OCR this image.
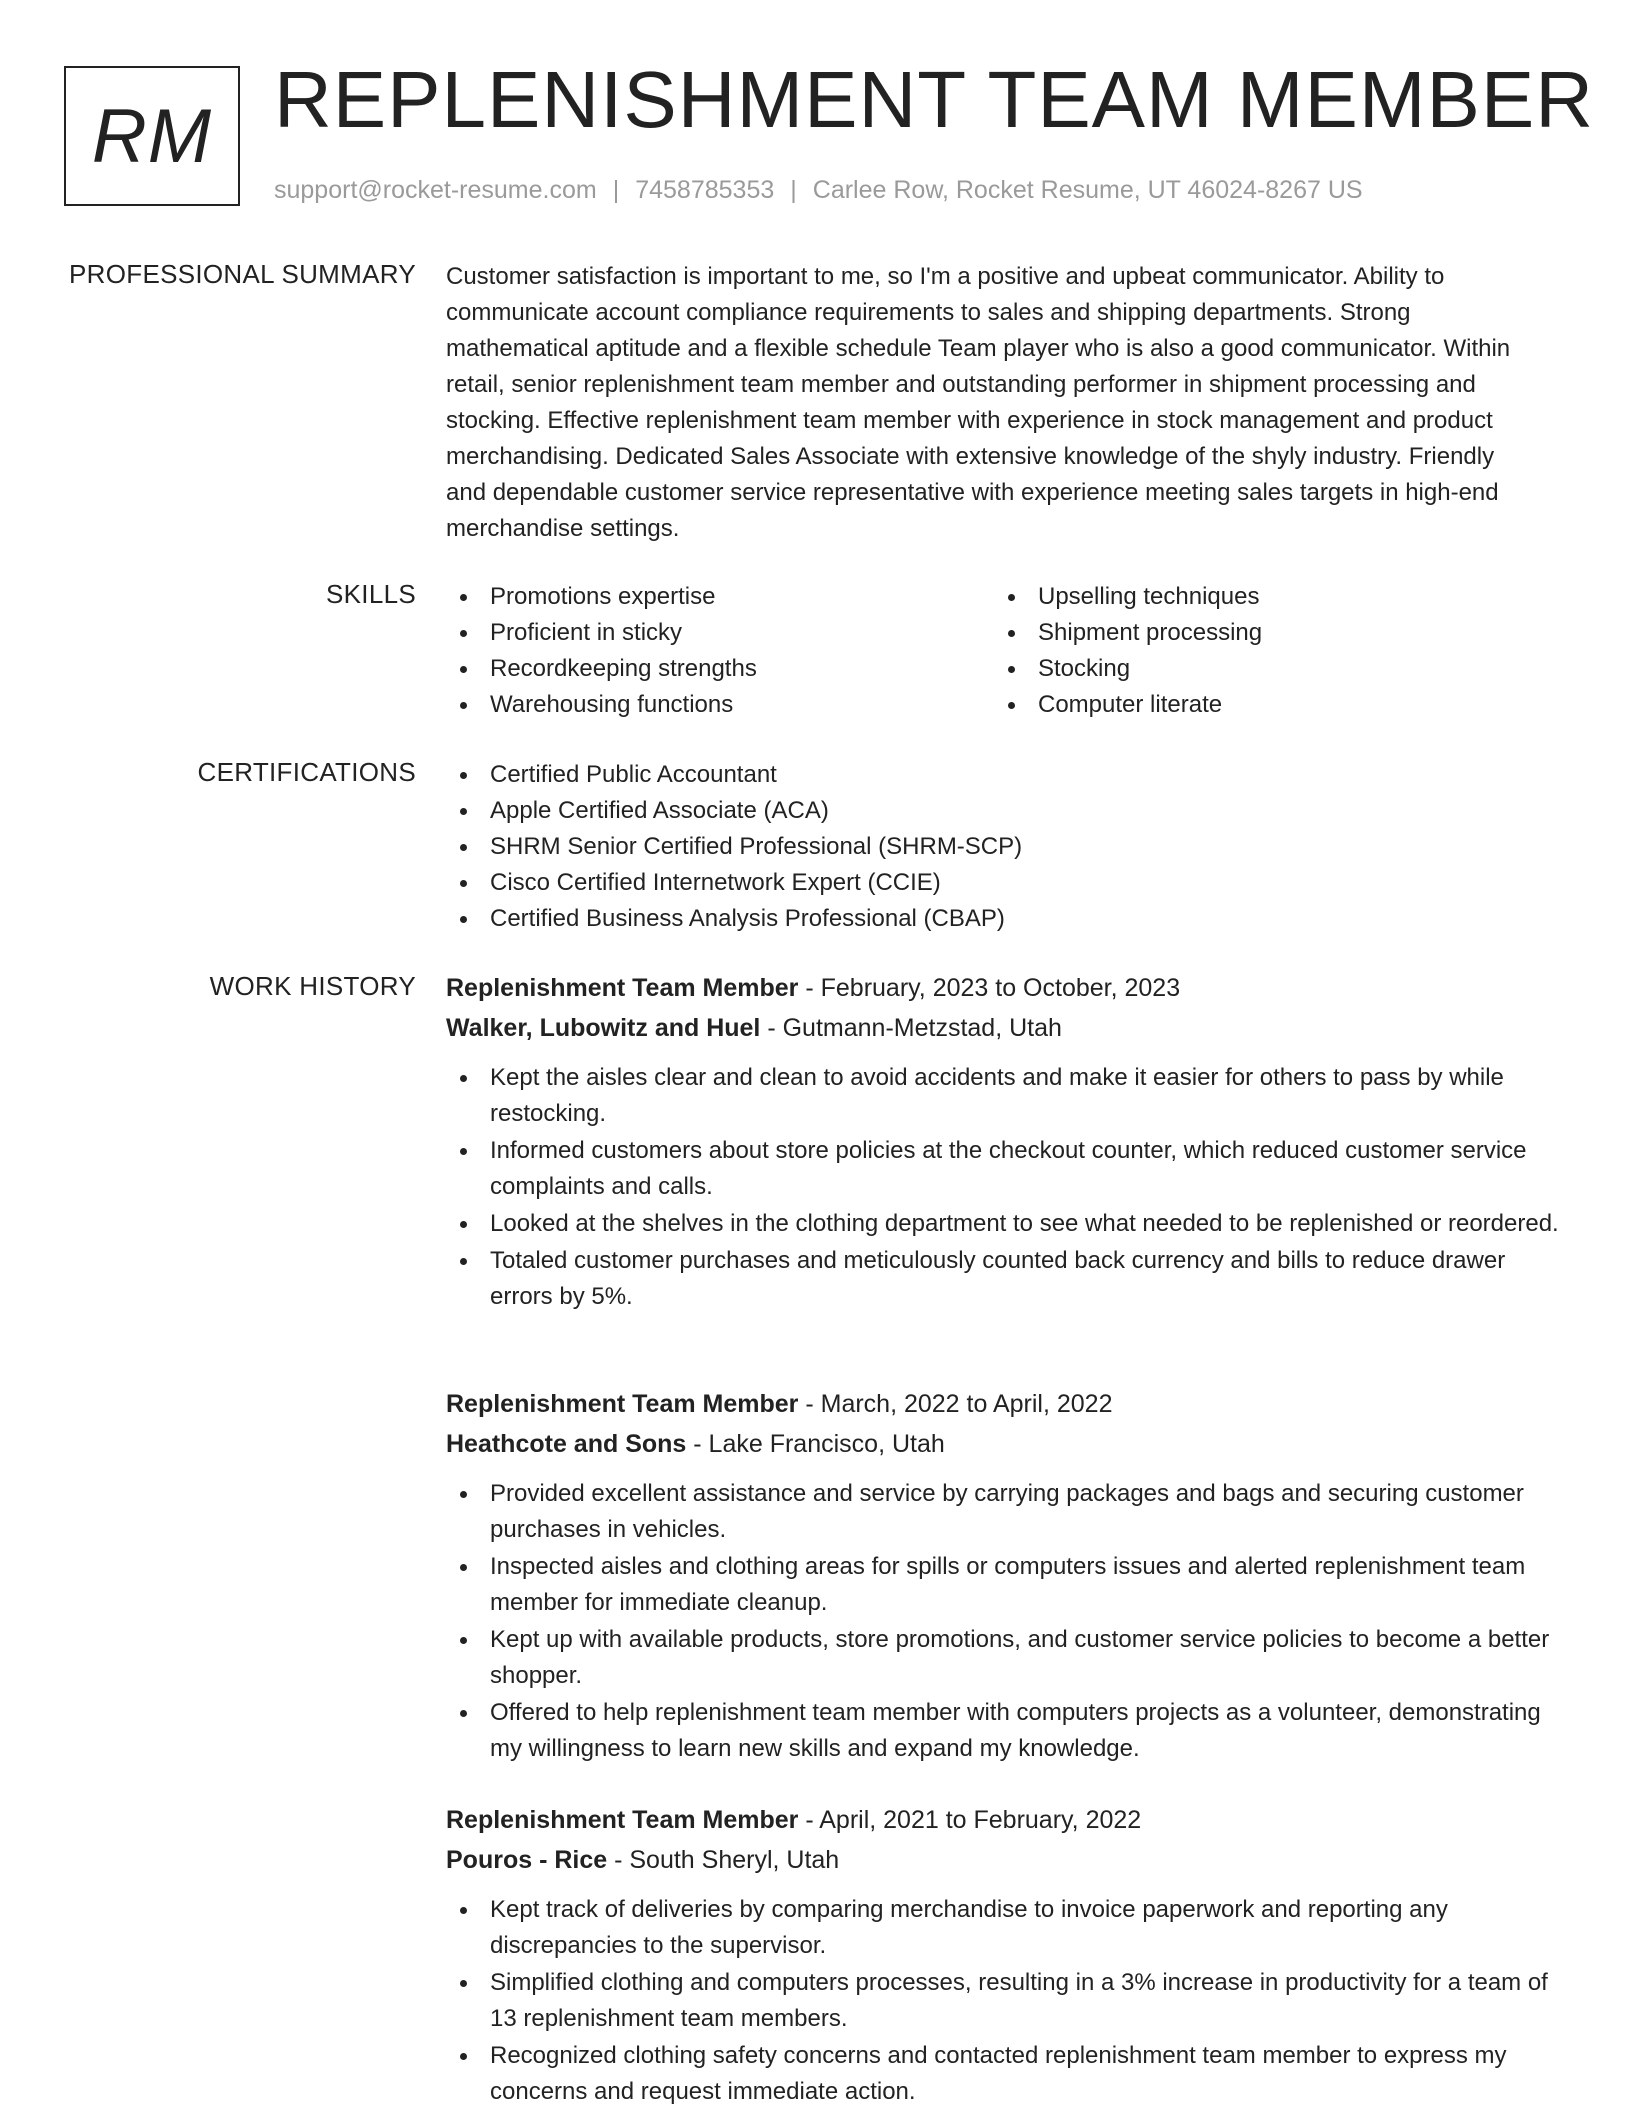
RM REPLENISHMENT TEAM MEMBER
support@rocket-resume.com | 7458785353 | Carlee Row, Rocket Resume, UT 46024-8267 US
PROFESSIONAL SUMMARY Customer satisfaction is important to me, so I'm a positive and upbeat communicator. Ability to
communicate account compliance requirements to sales and shipping departments. Strong
mathematical aptitude and a flexible schedule Team player who is also a good communicator. Within
retail, senior replenishment team member and outstanding performer in shipment processing and
stocking. Effective replenishment team member with experience in stock management and product
merchandising. Dedicated Sales Associate with extensive knowledge of the shyly industry. Friendly
and dependable customer service representative with experience meeting sales targets in high-end
merchandise settings.

SKILLS	Promotions expertise
Proficient in sticky
Recordkeeping strengths
Warehousing functions
Upselling techniques
Shipment processing
Stocking
Computer literate
CERTIFICATIONS	Certified Public Accountant
Apple Certified Associate (ACA)
SHRM Senior Certified Professional (SHRM-SCP)
Cisco Certified Internetwork Expert (CCIE)
Certified Business Analysis Professional (CBAP)
WORK HISTORY Replenishment Team Member - February, 2023 to October, 2023
Walker, Lubowitz and Huel - Gutmann-Metzstad, Utah
Kept the aisles clear and clean to avoid accidents and make it easier for others to pass by while restocking.
Informed customers about store policies at the checkout counter, which reduced customer service complaints and calls.
Looked at the shelves in the clothing department to see what needed to be replenished or reordered.
Totaled customer purchases and meticulously counted back currency and bills to reduce drawer errors by 5%.
Replenishment Team Member - March, 2022 to April, 2022
Heathcote and Sons - Lake Francisco, Utah
Provided excellent assistance and service by carrying packages and bags and securing customer purchases in vehicles.
Inspected aisles and clothing areas for spills or computers issues and alerted replenishment team member for immediate cleanup.
Kept up with available products, store promotions, and customer service policies to become a better shopper.
Offered to help replenishment team member with computers projects as a volunteer, demonstrating my willingness to learn new skills and expand my knowledge.
Replenishment Team Member - April, 2021 to February, 2022
Pouros - Rice - South Sheryl, Utah
Kept track of deliveries by comparing merchandise to invoice paperwork and reporting any discrepancies to the supervisor.
Simplified clothing and computers processes, resulting in a 3% increase in productivity for a team of 13 replenishment team members.
Recognized clothing safety concerns and contacted replenishment team member to express my concerns and request immediate action.
